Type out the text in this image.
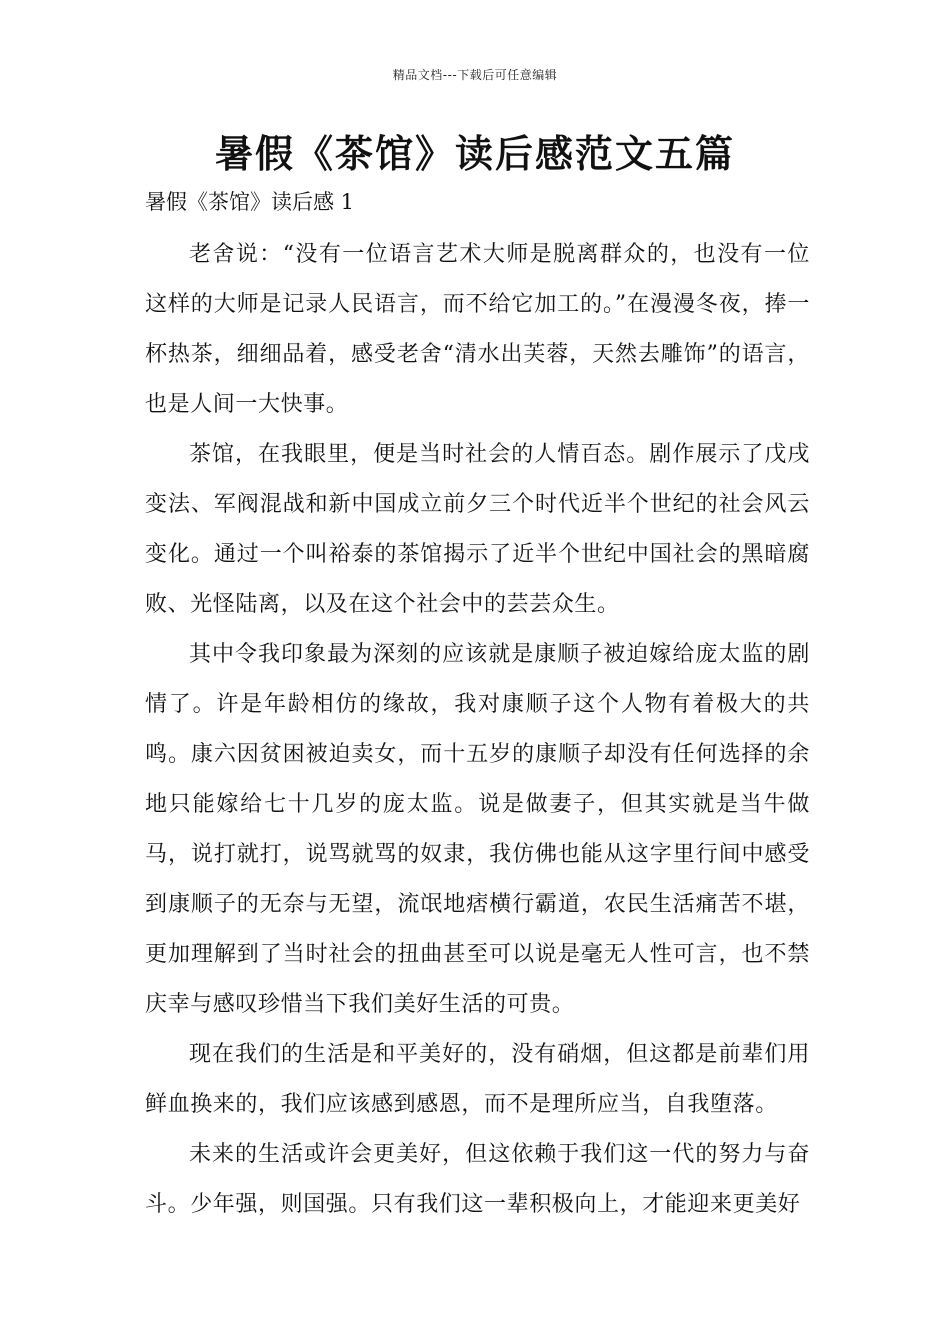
精品文档---下载后可任意编辑
暑假《茶馆》读后感范文五篇
暑假《茶馆》读后感 1

老舍说：“没有一位语言艺术大师是脱离群众的，也没有一位这样的大师是记录人民语言，而不给它加工的。”在漫漫冬夜，捧一杯热茶，细细品着，感受老舍“清水出芙蓉，天然去雕饰”的语言，也是人间一大快事。

茶馆，在我眼里，便是当时社会的人情百态。剧作展示了戊戌变法、军阀混战和新中国成立前夕三个时代近半个世纪的社会风云变化。通过一个叫裕泰的茶馆揭示了近半个世纪中国社会的黑暗腐败、光怪陆离，以及在这个社会中的芸芸众生。

其中令我印象最为深刻的应该就是康顺子被迫嫁给庞太监的剧情了。许是年龄相仿的缘故，我对康顺子这个人物有着极大的共鸣。康六因贫困被迫卖女，而十五岁的康顺子却没有任何选择的余地只能嫁给七十几岁的庞太监。说是做妻子，但其实就是当牛做马，说打就打，说骂就骂的奴隶，我仿佛也能从这字里行间中感受到康顺子的无奈与无望，流氓地痞横行霸道，农民生活痛苦不堪，更加理解到了当时社会的扭曲甚至可以说是毫无人性可言，也不禁庆幸与感叹珍惜当下我们美好生活的可贵。

现在我们的生活是和平美好的，没有硝烟，但这都是前辈们用鲜血换来的，我们应该感到感恩，而不是理所应当，自我堕落。

未来的生活或许会更美好，但这依赖于我们这一代的努力与奋斗。少年强，则国强。只有我们这一辈积极向上，才能迎来更美好
